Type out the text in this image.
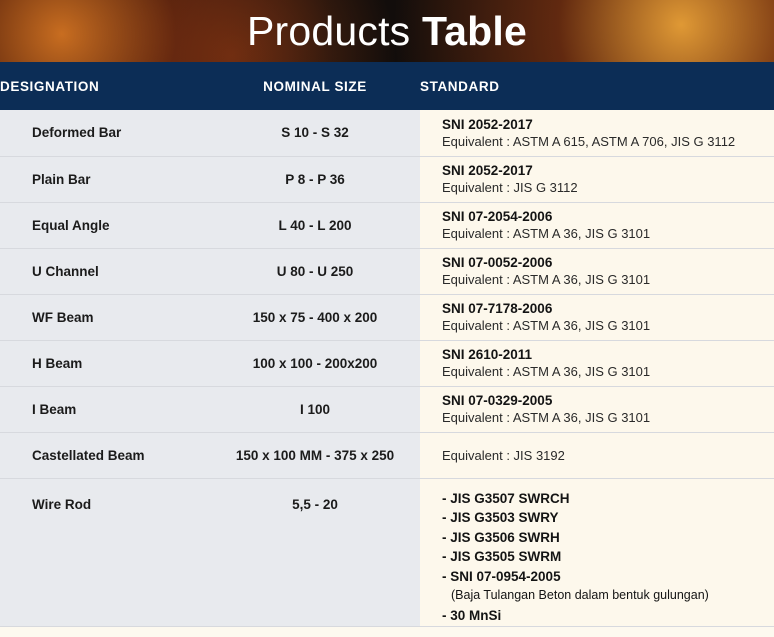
Products Table
DESIGNATION	NOMINAL SIZE	STANDARD
Deformed Bar	S 10 - S 32	SNI 2052-2017
Equivalent : ASTM A 615, ASTM A 706, JIS G 3112

Plain Bar	P 8 - P 36	SNI 2052-2017
Equivalent : JIS G 3112

Equal Angle	L 40 - L 200	SNI 07-2054-2006
Equivalent : ASTM A 36, JIS G 3101

U Channel	U 80 - U 250	SNI 07-0052-2006
Equivalent : ASTM A 36, JIS G 3101

WF Beam	150 x 75 - 400 x 200	SNI 07-7178-2006
Equivalent : ASTM A 36, JIS G 3101

H Beam	100 x 100 - 200x200	SNI 2610-2011
Equivalent : ASTM A 36, JIS G 3101

I Beam	I 100	SNI 07-0329-2005
Equivalent : ASTM A 36, JIS G 3101

Castellated Beam	150 x 100 MM - 375 x 250	Equivalent : JIS 3192

Wire Rod	5,5 - 20	- JIS G3507 SWRCH
- JIS G3503 SWRY
- JIS G3506 SWRH
- JIS G3505 SWRM
- SNI 07-0954-2005
(Baja Tulangan Beton dalam bentuk gulungan)
- 30 MnSi
